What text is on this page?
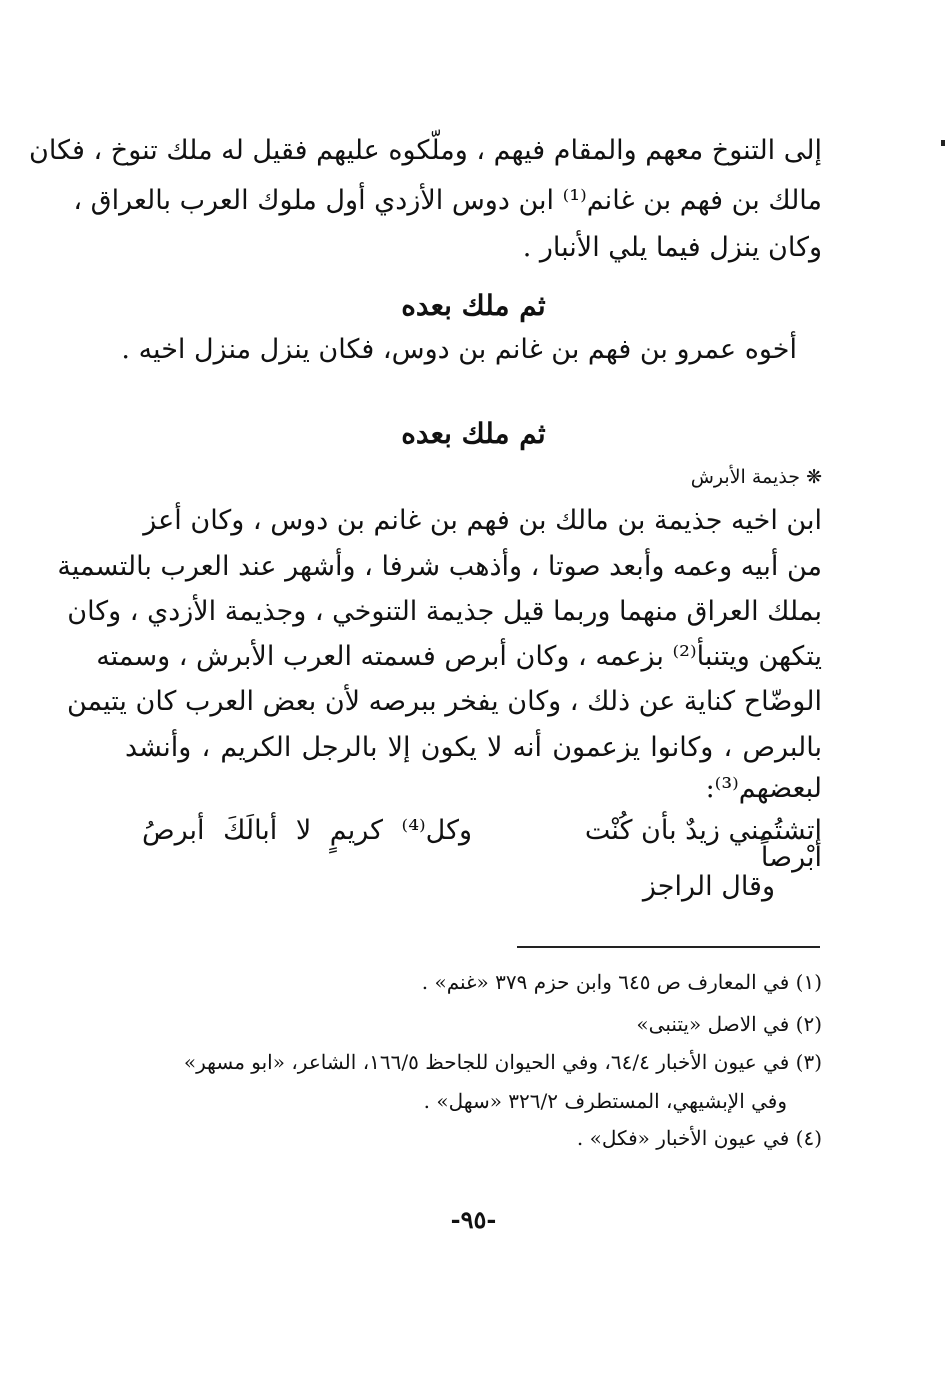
إلى التنوخ معهم والمقام فيهم ، وملّكوه عليهم فقيل له ملك تنوخ ، فكان
مالك بن فهم بن غانم⁽¹⁾ ابن دوس الأزدي أول ملوك العرب بالعراق ،
وكان ينزل فيما يلي الأنبار .
ثم ملك بعده
أخوه عمرو بن فهم بن غانم بن دوس، فكان ينزل منزل اخيه .
ثم ملك بعده
❋ جذيمة الأبرش
ابن اخيه جذيمة بن مالك بن فهم بن غانم بن دوس ، وكان أعز
من أبيه وعمه وأبعد صوتا ، وأذهب شرفا ، وأشهر عند العرب بالتسمية
بملك العراق منهما وربما قيل جذيمة التنوخي ، وجذيمة الأزدي ، وكان
يتكهن ويتنبأ⁽²⁾ بزعمه ، وكان أبرص فسمته العرب الأبرش ، وسمته
الوضّاح كناية عن ذلك ، وكان يفخر ببرصه لأن بعض العرب كان يتيمن
بالبرص ، وكانوا يزعمون أنه لا يكون إلا بالرجل الكريم ، وأنشد
لبعضهم⁽³⁾:
اتشتُمني زيدٌ بأن كُنْت أبْرصاً
وكل⁽⁴⁾ كريمٍ لا أبالَكَ أبرصُ
وقال الراجز
(١) في المعارف ص ٦٤٥ وابن حزم ٣٧٩ «غنم» .
(٢) في الاصل «يتنبى»
(٣) في عيون الأخبار ٦٤/٤، وفي الحيوان للجاحظ ١٦٦/٥، الشاعر، «ابو مسهر»
وفي الإبشيهي، المستطرف ٣٢٦/٢ «سهل» .
(٤) في عيون الأخبار «فكل» .
-٩٥-
